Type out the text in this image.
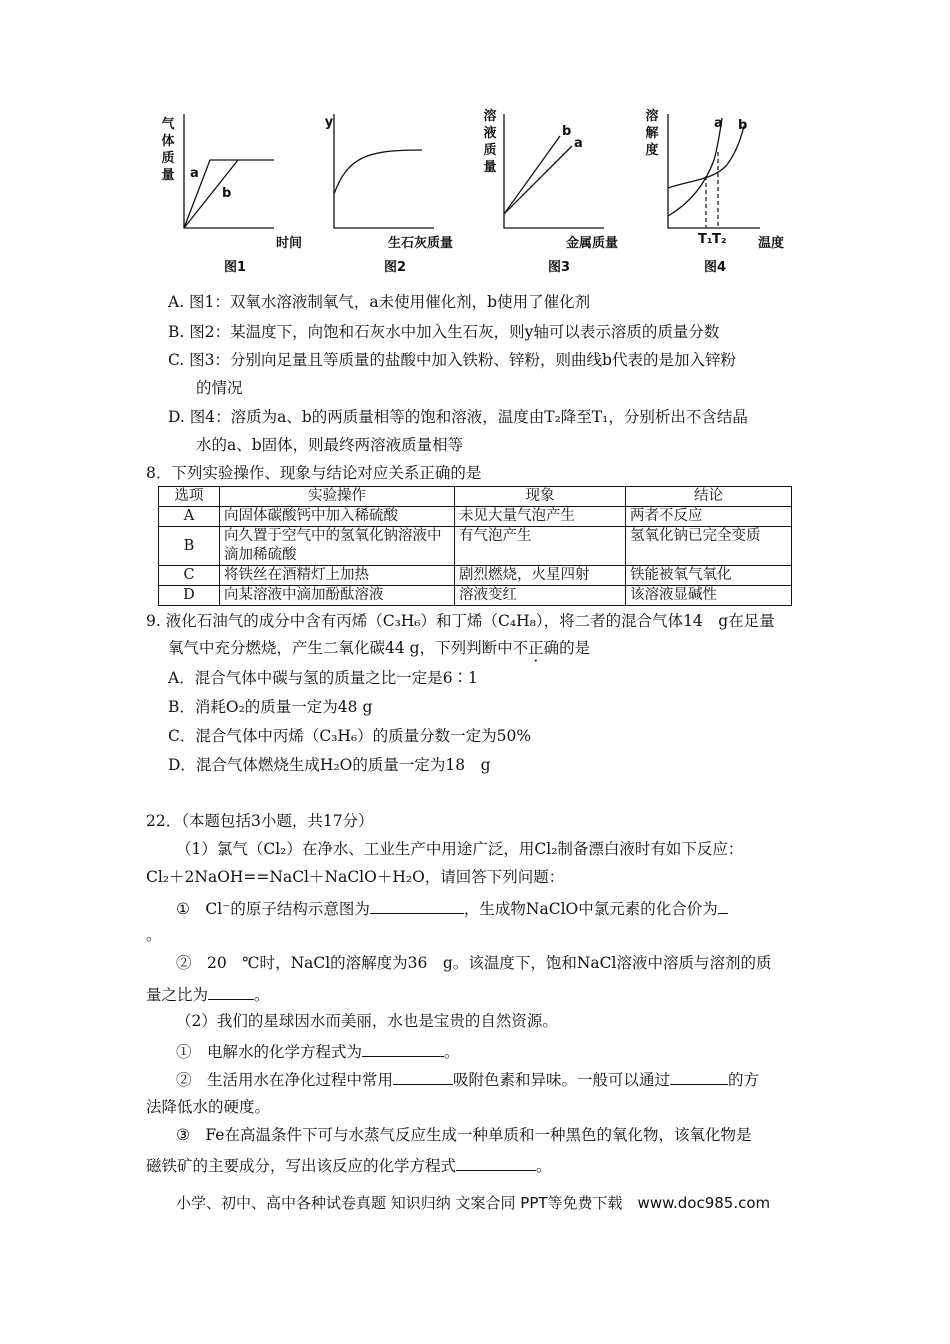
气体质量 a
b
时间
图1
y
生石灰质量
图2
溶液质量
b
a
金属质量
图3
溶解度
a b
T₁ T₂ 温度
图4
A. 图1：双氧水溶液制氧气，a未使用催化剂，b使用了催化剂
B. 图2：某温度下，向饱和石灰水中加入生石灰，则y轴可以表示溶质的质量分数
C. 图3：分别向足量且等质量的盐酸中加入铁粉、锌粉，则曲线b代表的是加入锌粉
的情况
D. 图4：溶质为a、b的两质量相等的饱和溶液，温度由T₂降至T₁，分别析出不含结晶
水的a、b固体，则最终两溶液质量相等
8．下列实验操作、现象与结论对应关系正确的是
选项	实验操作	现象	结论
A	向固体碳酸钙中加入稀硫酸	未见大量气泡产生	两者不反应
B	向久置于空气中的氢氧化钠溶液中滴加稀硫酸	有气泡产生	氢氧化钠已完全变质
C	将铁丝在酒精灯上加热	剧烈燃烧，火星四射	铁能被氧气氧化
D	向某溶液中滴加酚酞溶液	溶液变红	该溶液显碱性
9. 液化石油气的成分中含有丙烯（C₃H₆）和丁烯（C₄H₈），将二者的混合气体14　g在足量
氧气中充分燃烧，产生二氧化碳44 g，下列判断中不正确的是
A．混合气体中碳与氢的质量之比一定是6∶1
B．消耗O₂的质量一定为48 g
C．混合气体中丙烯（C₃H₆）的质量分数一定为50%
D．混合气体燃烧生成H₂O的质量一定为18　g
22．（本题包括3小题，共17分）
（1）氯气（Cl₂）在净水、工业生产中用途广泛，用Cl₂制备漂白液时有如下反应：
Cl₂＋2NaOH==NaCl＋NaClO＋H₂O，请回答下列问题：
①　Cl⁻的原子结构示意图为	，生成物NaClO中氯元素的化合价为
。
②　20　℃时，NaCl的溶解度为36　g。该温度下，饱和NaCl溶液中溶质与溶剂的质
量之比为	。
（2）我们的星球因水而美丽，水也是宝贵的自然资源。
①　电解水的化学方程式为	。
②　生活用水在净化过程中常用	吸附色素和异味。一般可以通过	的方
法降低水的硬度。
③　Fe在高温条件下可与水蒸气反应生成一种单质和一种黑色的氧化物，该氧化物是
磁铁矿的主要成分，写出该反应的化学方程式	。
小学、初中、高中各种试卷真题 知识归纳 文案合同 PPT等免费下载　www.doc985.com
